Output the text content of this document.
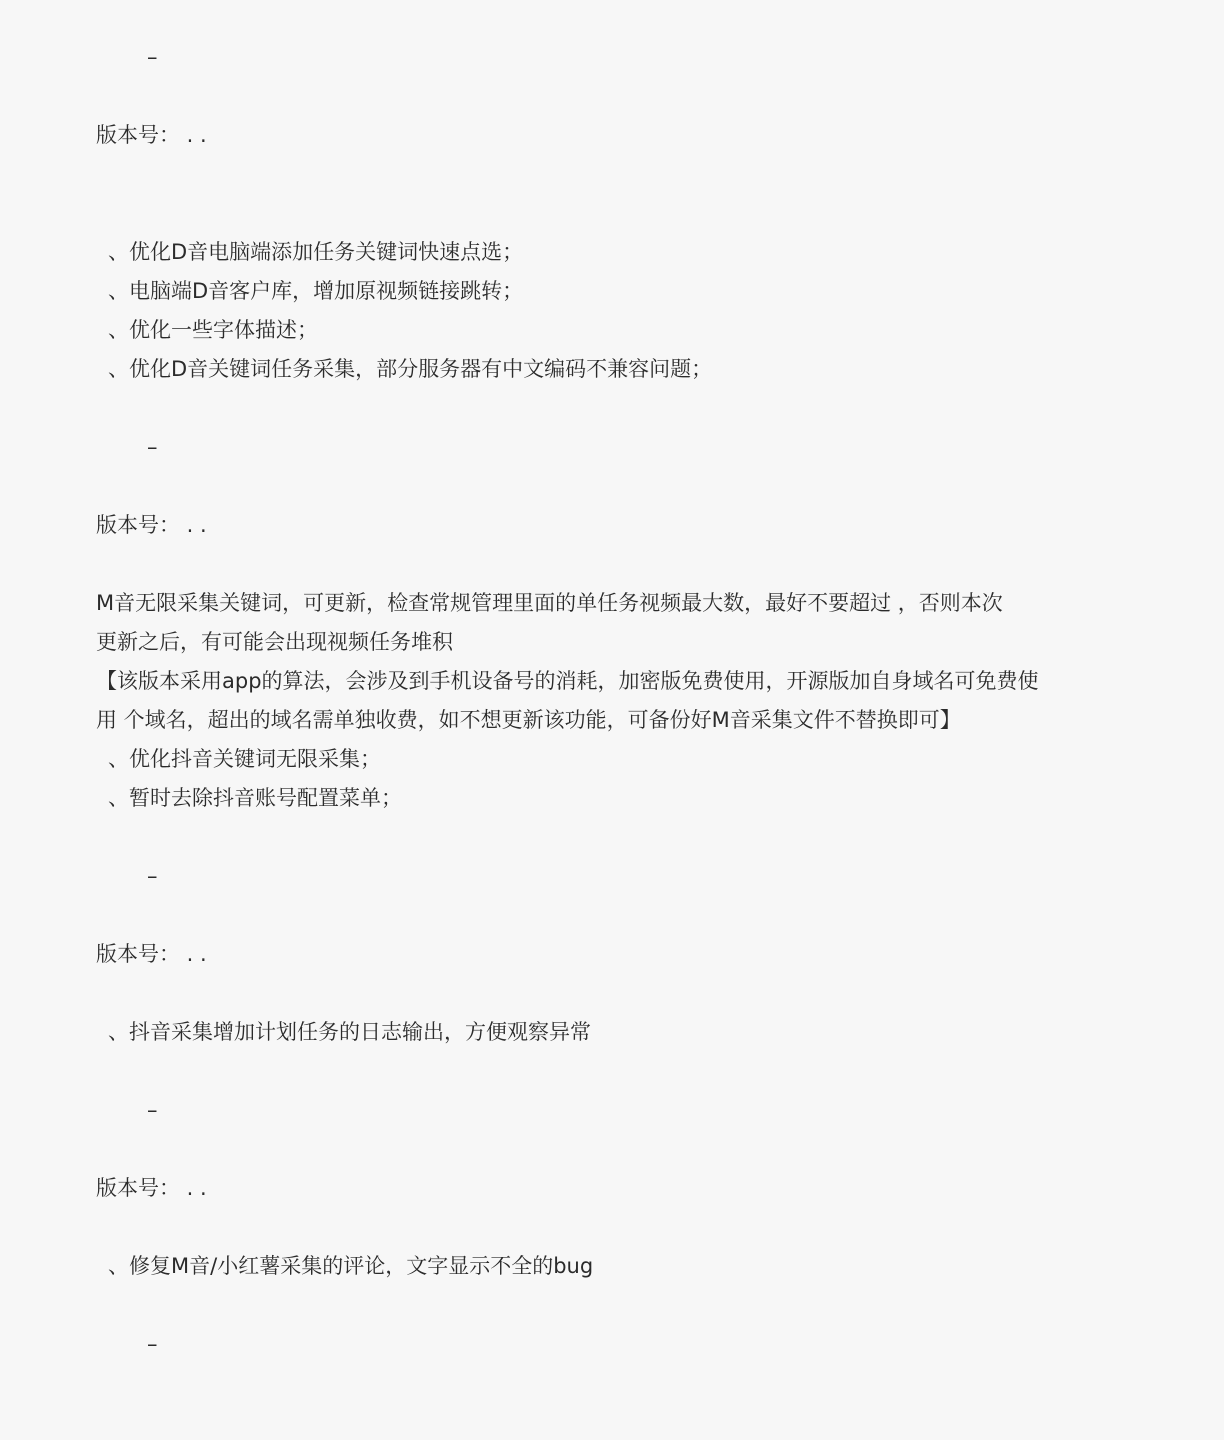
–
版本号： . .
、优化D音电脑端添加任务关键词快速点选；
、电脑端D音客户库，增加原视频链接跳转；
、优化一些字体描述；
、优化D音关键词任务采集，部分服务器有中文编码不兼容问题；
–
版本号： . .
M音无限采集关键词，可更新，检查常规管理里面的单任务视频最大数，最好不要超过 ，否则本次
更新之后，有可能会出现视频任务堆积
【该版本采用app的算法，会涉及到手机设备号的消耗，加密版免费使用，开源版加自身域名可免费使
用 个域名，超出的域名需单独收费，如不想更新该功能，可备份好M音采集文件不替换即可】
、优化抖音关键词无限采集；
、暂时去除抖音账号配置菜单；
–
版本号： . .
、抖音采集增加计划任务的日志输出，方便观察异常
–
版本号： . .
、修复M音/小红薯采集的评论，文字显示不全的bug
–
